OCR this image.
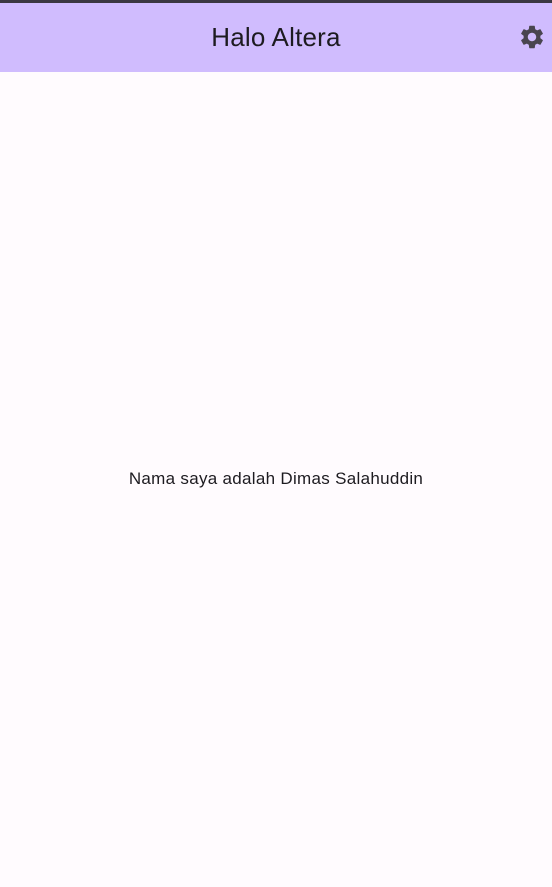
Halo Altera
Nama saya adalah Dimas Salahuddin
